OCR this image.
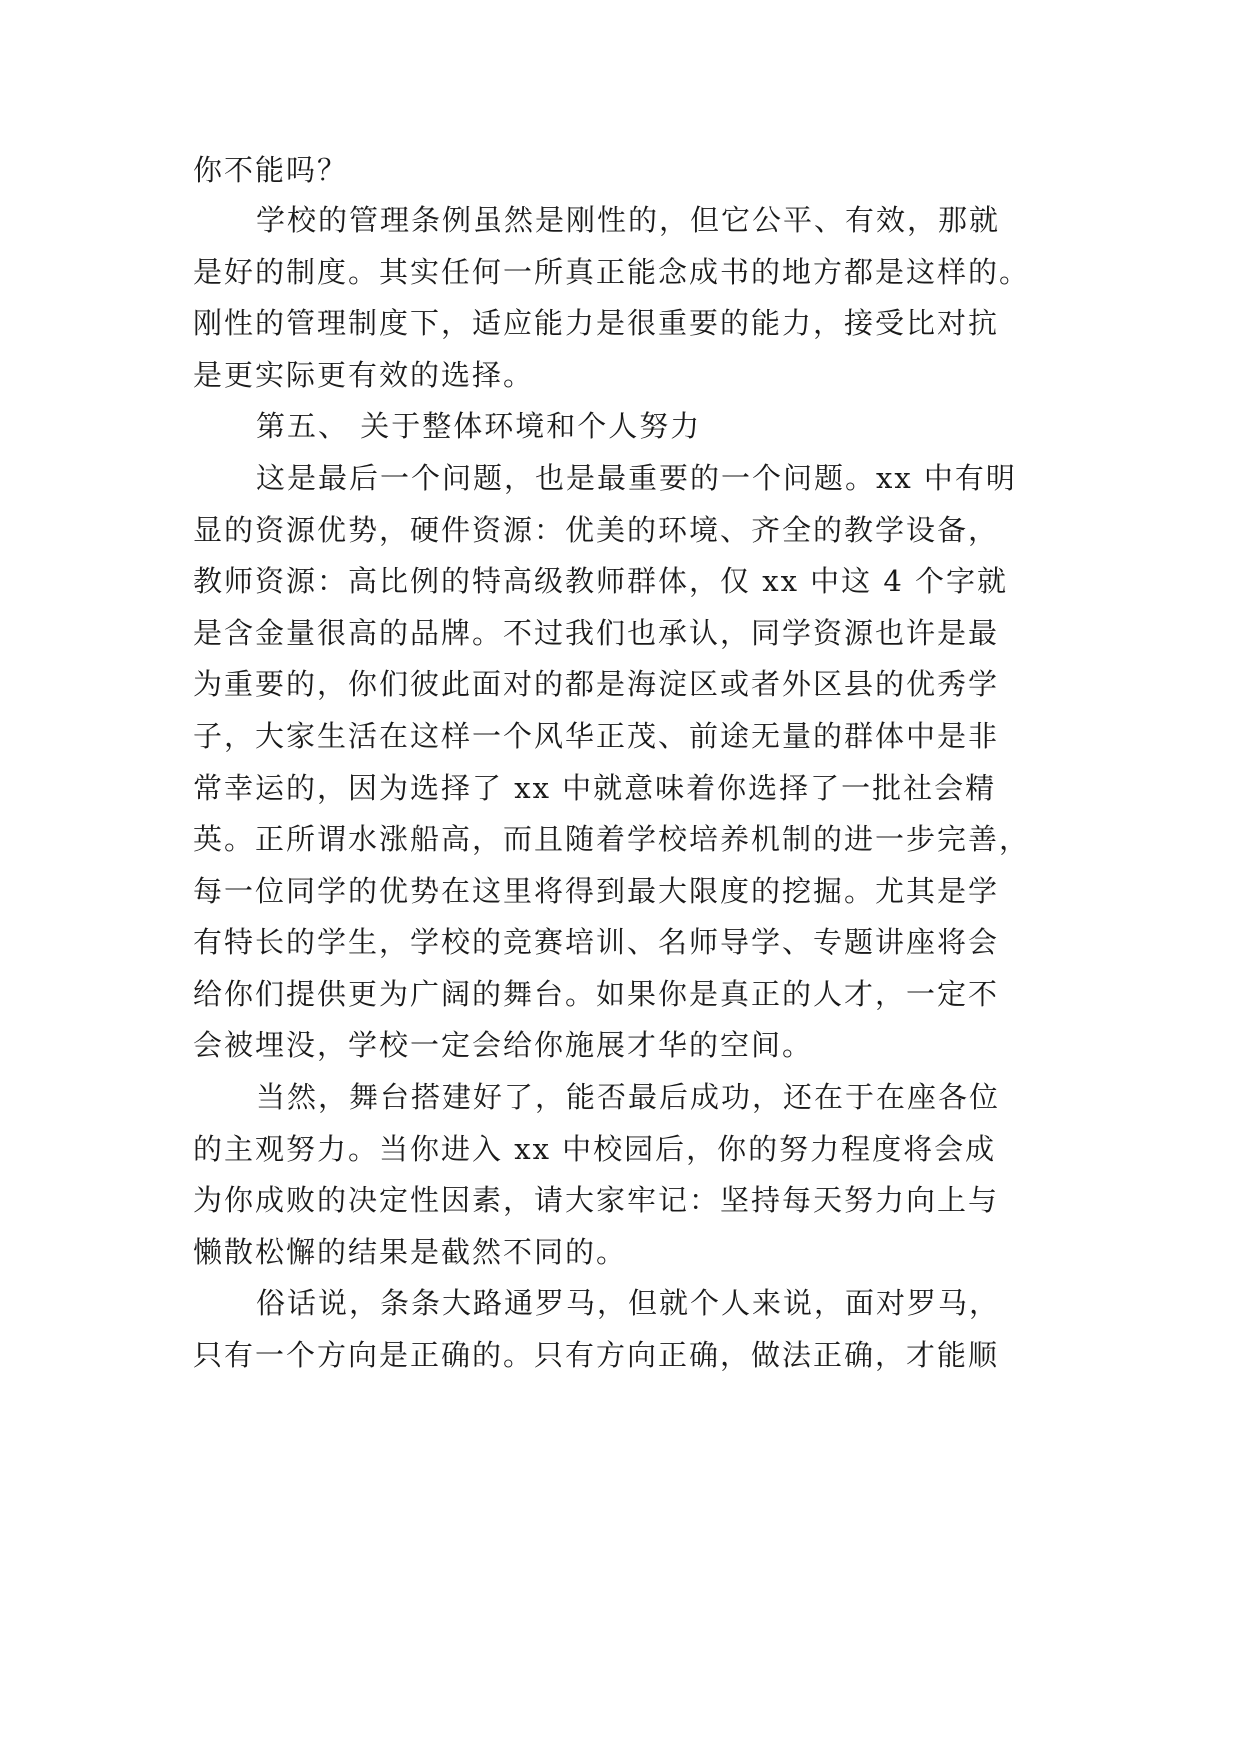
你不能吗？
学校的管理条例虽然是刚性的，但它公平、有效，那就
是好的制度。其实任何一所真正能念成书的地方都是这样的。
刚性的管理制度下，适应能力是很重要的能力，接受比对抗
是更实际更有效的选择。
第五、 关于整体环境和个人努力
这是最后一个问题，也是最重要的一个问题。xx 中有明
显的资源优势，硬件资源：优美的环境、齐全的教学设备，
教师资源：高比例的特高级教师群体，仅 xx 中这 4 个字就
是含金量很高的品牌。不过我们也承认，同学资源也许是最
为重要的，你们彼此面对的都是海淀区或者外区县的优秀学
子，大家生活在这样一个风华正茂、前途无量的群体中是非
常幸运的，因为选择了 xx 中就意味着你选择了一批社会精
英。正所谓水涨船高，而且随着学校培养机制的进一步完善，
每一位同学的优势在这里将得到最大限度的挖掘。尤其是学
有特长的学生，学校的竞赛培训、名师导学、专题讲座将会
给你们提供更为广阔的舞台。如果你是真正的人才，一定不
会被埋没，学校一定会给你施展才华的空间。
当然，舞台搭建好了，能否最后成功，还在于在座各位
的主观努力。当你进入 xx 中校园后，你的努力程度将会成
为你成败的决定性因素，请大家牢记：坚持每天努力向上与
懒散松懈的结果是截然不同的。
俗话说，条条大路通罗马，但就个人来说，面对罗马，
只有一个方向是正确的。只有方向正确，做法正确，才能顺
